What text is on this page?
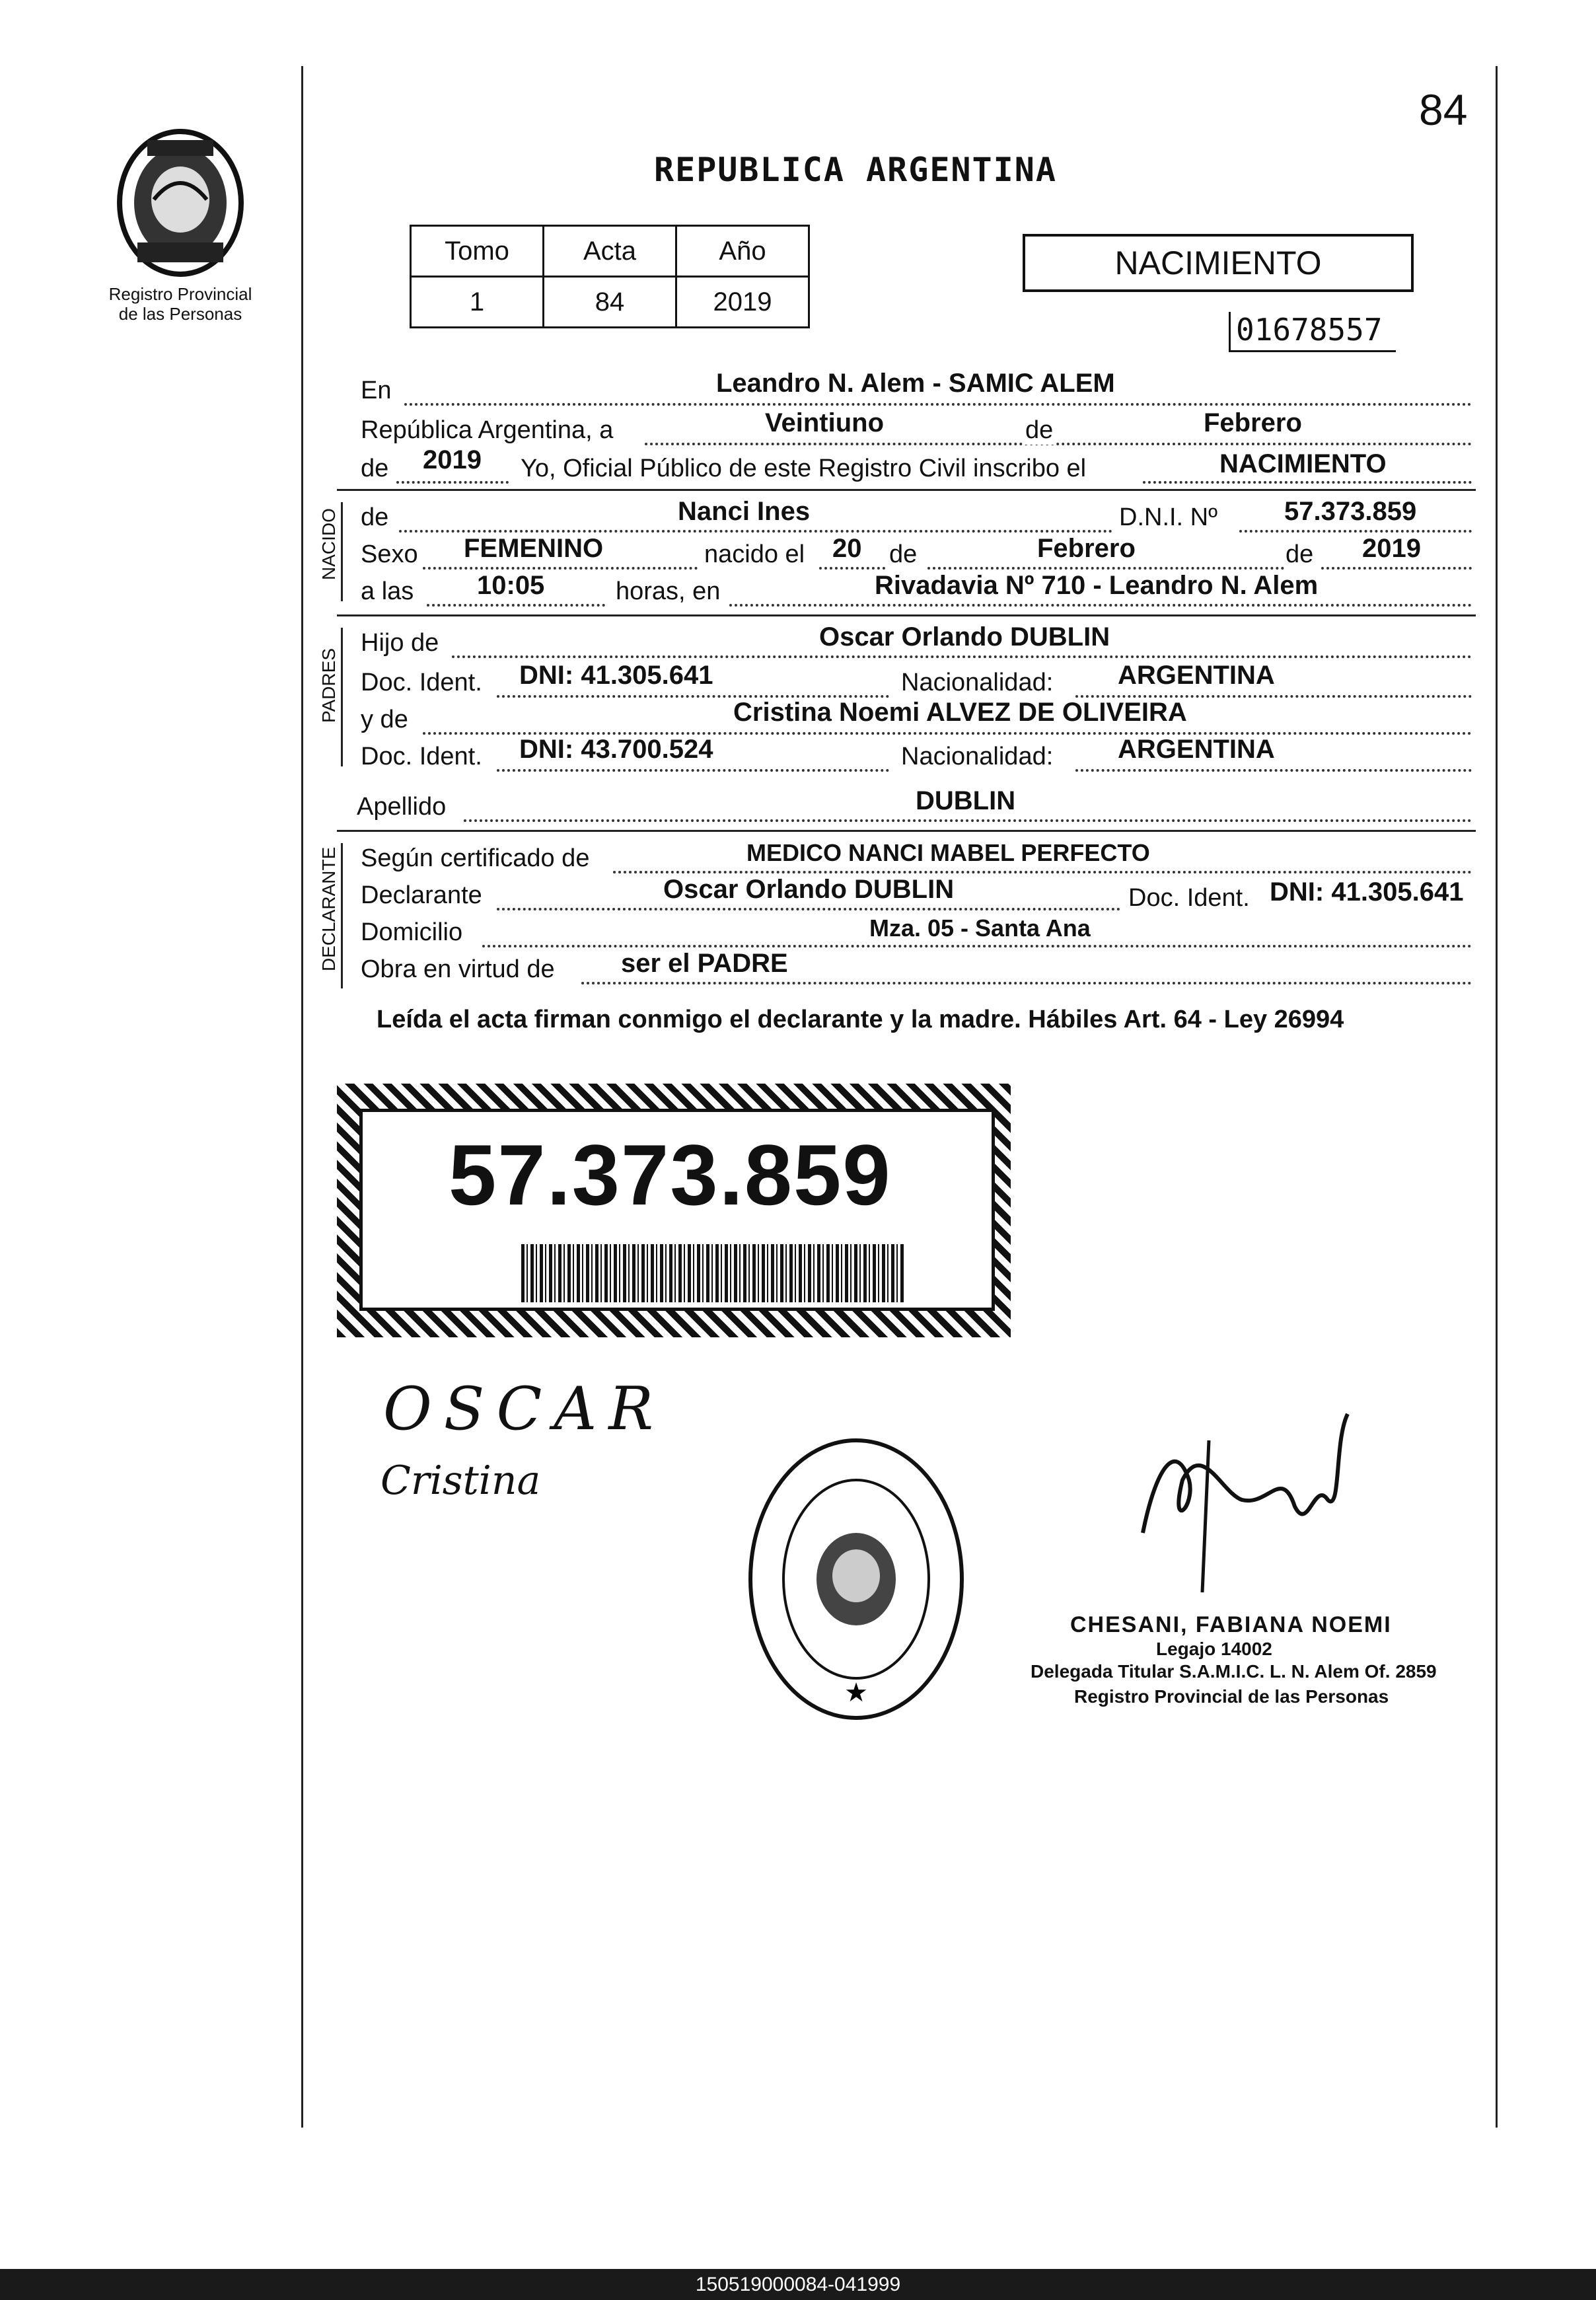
84
Registro Provincial de las Personas
REPUBLICA ARGENTINA
Tomo	Acta	Año
1	84	2019
NACIMIENTO
01678557
En	Leandro N. Alem - SAMIC ALEM
República Argentina, a	Veintiuno	de	Febrero
de 2019 Yo, Oficial Público de este Registro Civil inscribo el	NACIMIENTO
NACIDO de	Nanci Ines	D.N.I. Nº	57.373.859
Sexo FEMENINO	nacido el 20 de	Febrero	de 2019
a las 10:05	horas, en	Rivadavia Nº 710 - Leandro N. Alem
PADRES
Hijo de	Oscar Orlando DUBLIN
Doc. Ident. DNI: 41.305.641	Nacionalidad: ARGENTINA
y de	Cristina Noemi ALVEZ DE OLIVEIRA
Doc. Ident. DNI: 43.700.524	Nacionalidad: ARGENTINA
Apellido	DUBLIN
DECLARANTE Según certificado de	MEDICO NANCI MABEL PERFECTO
Declarante	Oscar Orlando DUBLIN	Doc. Ident. DNI: 41.305.641
Domicilio	Mza. 05 - Santa Ana
Obra en virtud de	ser el PADRE
Leída el acta firman conmigo el declarante y la madre. Hábiles Art. 64 - Ley 26994
57.373.859
OSCAR
Cristina
★
CHESANI, FABIANA NOEMI
Legajo 14002
Delegada Titular S.A.M.I.C. L. N. Alem Of. 2859
Registro Provincial de las Personas
150519000084-041999
